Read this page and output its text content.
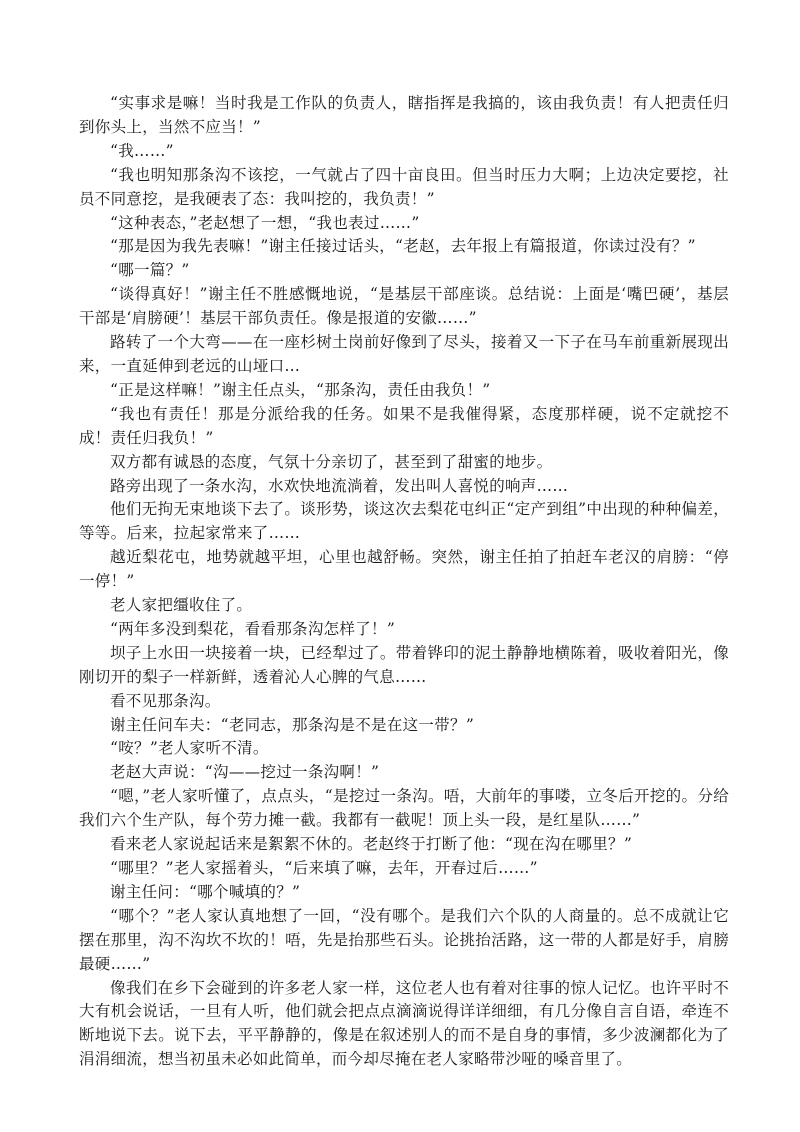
“实事求是嘛！当时我是工作队的负责人，瞎指挥是我搞的，该由我负责！有人把责任归到你头上，当然不应当！”

“我……”

“我也明知那条沟不该挖，一气就占了四十亩良田。但当时压力大啊；上边决定要挖，社员不同意挖，是我硬表了态：我叫挖的，我负责！”

“这种表态，”老赵想了一想，“我也表过……”

“那是因为我先表嘛！”谢主任接过话头，“老赵，去年报上有篇报道，你读过没有？”

“哪一篇？”

“谈得真好！”谢主任不胜感慨地说，“是基层干部座谈。总结说：上面是‘嘴巴硬’，基层干部是‘肩膀硬’！基层干部负责任。像是报道的安徽……”

路转了一个大弯——在一座杉树土岗前好像到了尽头，接着又一下子在马车前重新展现出来，一直延伸到老远的山垭口…

“正是这样嘛！”谢主任点头，“那条沟，责任由我负！”

“我也有责任！那是分派给我的任务。如果不是我催得紧，态度那样硬，说不定就挖不成！责任归我负！”

双方都有诚恳的态度，气氛十分亲切了，甚至到了甜蜜的地步。

路旁出现了一条水沟，水欢快地流淌着，发出叫人喜悦的响声……

他们无拘无束地谈下去了。谈形势，谈这次去梨花屯纠正“定产到组”中出现的种种偏差，等等。后来，拉起家常来了……

越近梨花屯，地势就越平坦，心里也越舒畅。突然，谢主任拍了拍赶车老汉的肩膀：“停一停！”

老人家把缰收住了。

“两年多没到梨花，看看那条沟怎样了！”

坝子上水田一块接着一块，已经犁过了。带着铧印的泥土静静地横陈着，吸收着阳光，像刚切开的梨子一样新鲜，透着沁人心脾的气息……

看不见那条沟。

谢主任问车夫：“老同志，那条沟是不是在这一带？”

“咹？”老人家听不清。

老赵大声说：“沟——挖过一条沟啊！”

“嗯，”老人家听懂了，点点头，“是挖过一条沟。唔，大前年的事喽，立冬后开挖的。分给我们六个生产队，每个劳力摊一截。我都有一截呢！顶上头一段，是红星队……”

看来老人家说起话来是絮絮不休的。老赵终于打断了他：“现在沟在哪里？”

“哪里？”老人家摇着头，“后来填了嘛，去年，开春过后……”

谢主任问：“哪个喊填的？”

“哪个？”老人家认真地想了一回，“没有哪个。是我们六个队的人商量的。总不成就让它摆在那里，沟不沟坎不坎的！唔，先是抬那些石头。论挑抬活路，这一带的人都是好手，肩膀最硬……”

像我们在乡下会碰到的许多老人家一样，这位老人也有着对往事的惊人记忆。也许平时不大有机会说话，一旦有人听，他们就会把点点滴滴说得详详细细，有几分像自言自语，牵连不断地说下去。说下去，平平静静的，像是在叙述别人的而不是自身的事情，多少波澜都化为了涓涓细流，想当初虽未必如此简单，而今却尽掩在老人家略带沙哑的嗓音里了。
